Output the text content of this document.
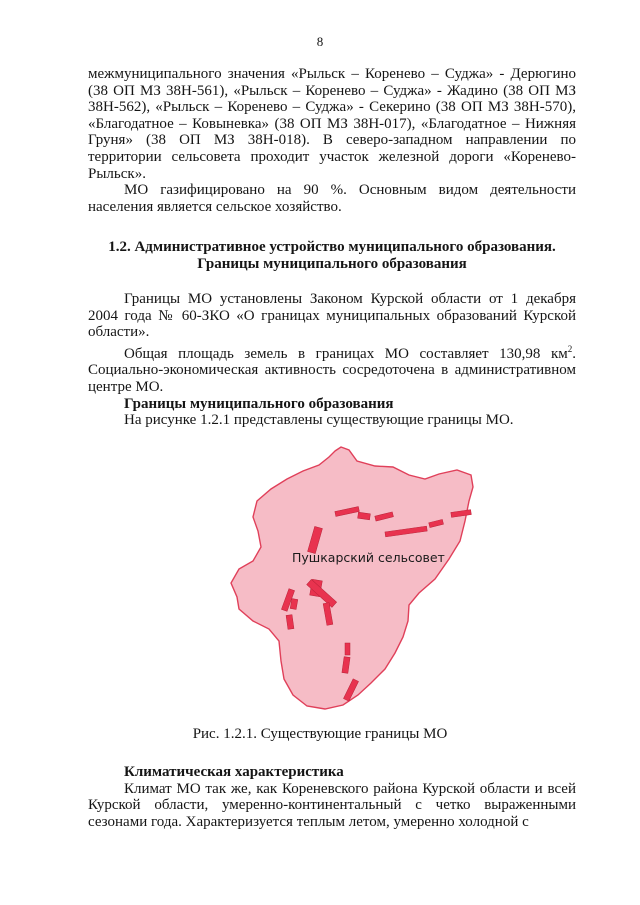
8

межмуниципального значения «Рыльск – Коренево – Суджа» - Дерюгино (38 ОП МЗ 38Н-561), «Рыльск – Коренево – Суджа» - Жадино (38 ОП МЗ 38Н-562), «Рыльск – Коренево – Суджа» - Секерино (38 ОП МЗ 38Н-570), «Благодатное – Ковыневка» (38 ОП МЗ 38Н-017), «Благодатное – Нижняя Груня» (38 ОП МЗ 38Н-018). В северо-западном направлении по территории сельсовета проходит участок железной дороги «Коренево-Рыльск».

МО газифицировано на 90 %. Основным видом деятельности населения является сельское хозяйство.

1.2. Административное устройство муниципального образования.
Границы муниципального образования

Границы МО установлены Законом Курской области от 1 декабря 2004 года № 60-ЗКО «О границах муниципальных образований Курской области».

Общая площадь земель в границах МО составляет 130,98 $км^2$. Социально-экономическая активность сосредоточена в административном центре МО.

Границы муниципального образования

На рисунке 1.2.1 представлены существующие границы МО.

Пушкарский сельсовет
Рис. 1.2.1. Существующие границы МО

Климатическая характеристика

Климат МО так же, как Кореневского района Курской области и всей Курской области, умеренно-континентальный с четко выраженными сезонами года. Характеризуется теплым летом, умеренно холодной с
